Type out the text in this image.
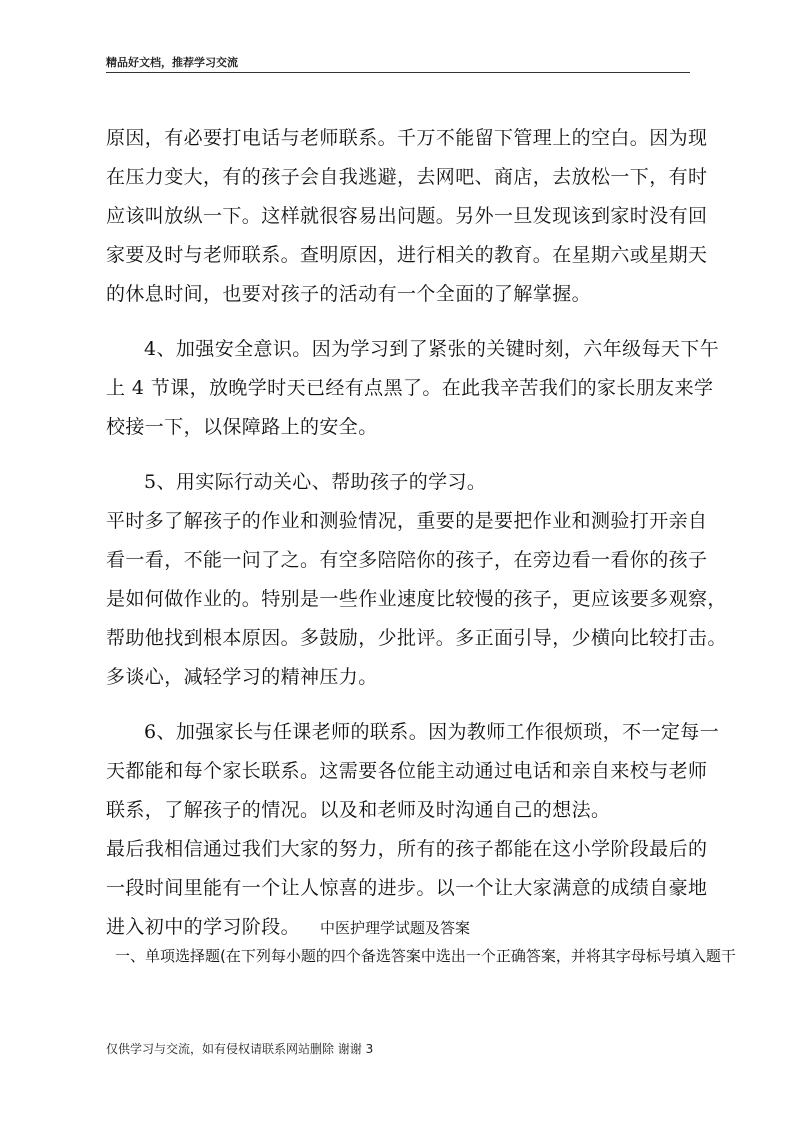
精品好文档，推荐学习交流
原因，有必要打电话与老师联系。千万不能留下管理上的空白。因为现
在压力变大，有的孩子会自我逃避，去网吧、商店，去放松一下，有时
应该叫放纵一下。这样就很容易出问题。另外一旦发现该到家时没有回
家要及时与老师联系。查明原因，进行相关的教育。在星期六或星期天
的休息时间，也要对孩子的活动有一个全面的了解掌握。
4、加强安全意识。因为学习到了紧张的关键时刻，六年级每天下午
上 4 节课，放晚学时天已经有点黑了。在此我辛苦我们的家长朋友来学
校接一下，以保障路上的安全。
5、用实际行动关心、帮助孩子的学习。
平时多了解孩子的作业和测验情况，重要的是要把作业和测验打开亲自
看一看，不能一问了之。有空多陪陪你的孩子，在旁边看一看你的孩子
是如何做作业的。特别是一些作业速度比较慢的孩子，更应该要多观察，
帮助他找到根本原因。多鼓励，少批评。多正面引导，少横向比较打击。
多谈心，减轻学习的精神压力。
6、加强家长与任课老师的联系。因为教师工作很烦琐，不一定每一
天都能和每个家长联系。这需要各位能主动通过电话和亲自来校与老师
联系，了解孩子的情况。以及和老师及时沟通自己的想法。
最后我相信通过我们大家的努力，所有的孩子都能在这小学阶段最后的
一段时间里能有一个让人惊喜的进步。以一个让大家满意的成绩自豪地
进入初中的学习阶段。 中医护理学试题及答案
一、单项选择题(在下列每小题的四个备选答案中选出一个正确答案，并将其字母标号填入题干
仅供学习与交流，如有侵权请联系网站删除 谢谢 3
